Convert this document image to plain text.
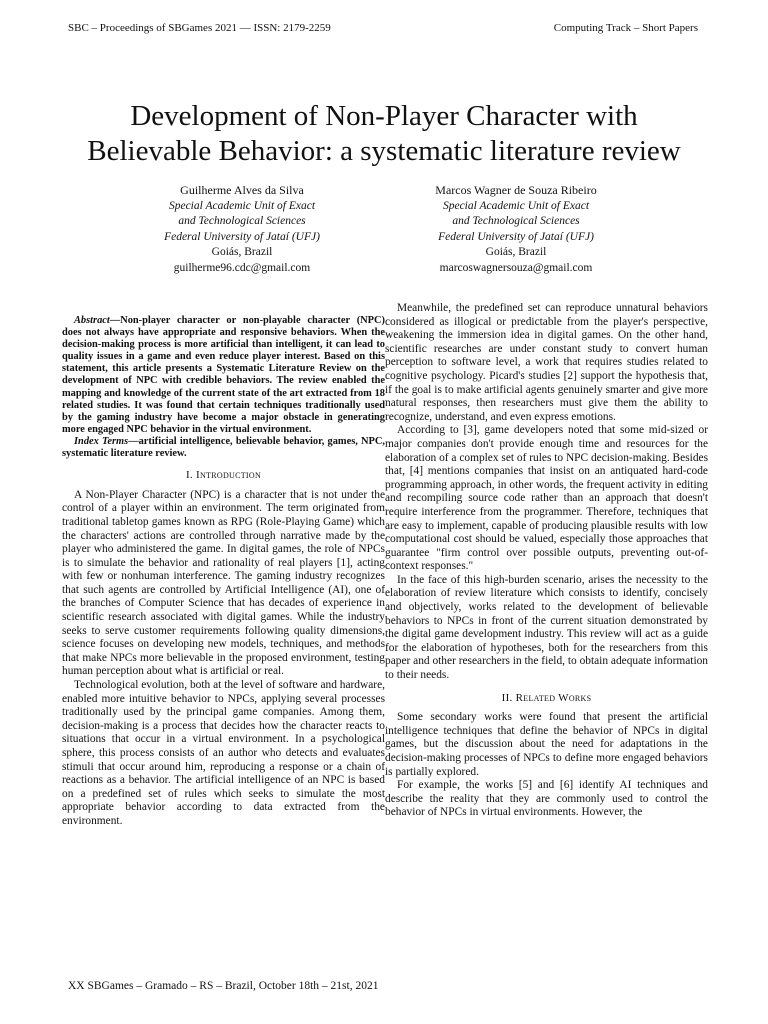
SBC – Proceedings of SBGames 2021 — ISSN: 2179-2259	Computing Track – Short Papers
Development of Non-Player Character with
Believable Behavior: a systematic literature review
Guilherme Alves da Silva
Special Academic Unit of Exact
and Technological Sciences
Federal University of Jataí (UFJ)
Goiás, Brazil
guilherme96.cdc@gmail.com
Marcos Wagner de Souza Ribeiro
Special Academic Unit of Exact
and Technological Sciences
Federal University of Jataí (UFJ)
Goiás, Brazil
marcoswagnersouza@gmail.com

Abstract—Non-player character or non-playable character (NPC) does not always have appropriate and responsive behaviors. When the decision-making process is more artificial than intelligent, it can lead to quality issues in a game and even reduce player interest. Based on this statement, this article presents a Systematic Literature Review on the development of NPC with credible behaviors. The review enabled the mapping and knowledge of the current state of the art extracted from 18 related studies. It was found that certain techniques traditionally used by the gaming industry have become a major obstacle in generating more engaged NPC behavior in the virtual environment.

Index Terms—artificial intelligence, believable behavior, games, NPC, systematic literature review.

I. Introduction

A Non-Player Character (NPC) is a character that is not under the control of a player within an environment. The term originated from traditional tabletop games known as RPG (Role-Playing Game) which the characters' actions are controlled through narrative made by the player who administered the game. In digital games, the role of NPCs is to simulate the behavior and rationality of real players [1], acting with few or nonhuman interference. The gaming industry recognizes that such agents are controlled by Artificial Intelligence (AI), one of the branches of Computer Science that has decades of experience in scientific research associated with digital games. While the industry seeks to serve customer requirements following quality dimensions, science focuses on developing new models, techniques, and methods that make NPCs more believable in the proposed environment, testing human perception about what is artificial or real.

Technological evolution, both at the level of software and hardware, enabled more intuitive behavior to NPCs, applying several processes traditionally used by the principal game companies. Among them, decision-making is a process that decides how the character reacts to situations that occur in a virtual environment. In a psychological sphere, this process consists of an author who detects and evaluates stimuli that occur around him, reproducing a response or a chain of reactions as a behavior. The artificial intelligence of an NPC is based on a predefined set of rules which seeks to simulate the most appropriate behavior according to data extracted from the environment.

Meanwhile, the predefined set can reproduce unnatural behaviors considered as illogical or predictable from the player's perspective, weakening the immersion idea in digital games. On the other hand, scientific researches are under constant study to convert human perception to software level, a work that requires studies related to cognitive psychology. Picard's studies [2] support the hypothesis that, if the goal is to make artificial agents genuinely smarter and give more natural responses, then researchers must give them the ability to recognize, understand, and even express emotions.

According to [3], game developers noted that some mid-sized or major companies don't provide enough time and resources for the elaboration of a complex set of rules to NPC decision-making. Besides that, [4] mentions companies that insist on an antiquated hard-code programming approach, in other words, the frequent activity in editing and recompiling source code rather than an approach that doesn't require interference from the programmer. Therefore, techniques that are easy to implement, capable of producing plausible results with low computational cost should be valued, especially those approaches that guarantee "firm control over possible outputs, preventing out-of-context responses."

In the face of this high-burden scenario, arises the necessity to the elaboration of review literature which consists to identify, concisely and objectively, works related to the development of believable behaviors to NPCs in front of the current situation demonstrated by the digital game development industry. This review will act as a guide for the elaboration of hypotheses, both for the researchers from this paper and other researchers in the field, to obtain adequate information to their needs.

II. Related Works

Some secondary works were found that present the artificial intelligence techniques that define the behavior of NPCs in digital games, but the discussion about the need for adaptations in the decision-making processes of NPCs to define more engaged behaviors is partially explored.

For example, the works [5] and [6] identify AI techniques and describe the reality that they are commonly used to control the behavior of NPCs in virtual environments. However, the

XX SBGames – Gramado – RS – Brazil, October 18th – 21st, 2021
